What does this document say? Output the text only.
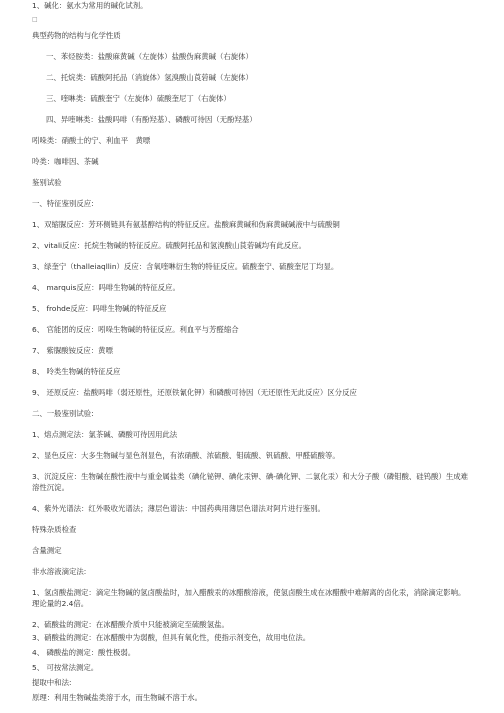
□
典型药物的结构与化学性质
一、苯烃胺类：盐酸麻黄碱（左旋体）盐酸伪麻黄碱（右旋体）
二、托烷类：硫酸阿托品（消旋体）氢溴酸山莨菪碱（左旋体）
三、喹啉类：硫酸奎宁（左旋体）硫酸奎尼丁（右旋体）
四、异喹啉类：盐酸吗啡（有酚羟基）、磷酸可待因（无酚羟基）
吲哚类：硝酸士的宁、利血平　黄嘌
呤类：咖啡因、茶碱
鉴别试验
一、特征鉴别反应:
1、双缩脲反应：芳环侧链具有氨基醇结构的特征反应。盐酸麻黄碱和伪麻黄碱碱液中与硫酸铜
2、vitali反应：托烷生物碱的特征反应。硫酸阿托品和氢溴酸山莨菪碱均有此反应。
3、绿奎宁（thalleiaqllin）反应：含氧喹啉衍生物的特征反应。硫酸奎宁、硫酸奎尼丁均显。
4、 marquis反应：吗啡生物碱的特征反应。
5、 frohde反应：吗啡生物碱的特征反应
6、 官能团的反应：吲哚生物碱的特征反应。利血平与芳醛缩合
7、 紫脲酸铵反应：黄嘌
8、 呤类生物碱的特征反应
9、 还原反应：盐酸吗啡（弱还原性，还原铁氰化钾）和磷酸可待因（无还原性无此反应）区分反应
二、一般鉴别试验:
1、熔点测定法：氯茶碱、磷酸可待因用此法
2、显色反应：大多生物碱与显色剂显色，有浓硝酸、浓硫酸、钼硫酸、钒硫酸、甲醛硫酸等。
3、沉淀反应：生物碱在酸性液中与重金属盐类（碘化铋钾、碘化汞钾、碘-碘化钾、二氯化汞）和大分子酸（磷钼酸、硅钨酸）生成难溶性沉淀。
4、紫外光谱法：红外吸收光谱法；薄层色谱法：中国药典用薄层色谱法对阿片进行鉴别。
特殊杂质检查
含量测定
非水溶液滴定法:
1、氢卤酸盐测定：滴定生物碱的氢卤酸盐时，加入醋酸汞的冰醋酸溶液，使氢卤酸生成在冰醋酸中难解离的卤化汞，消除滴定影响。理论量的2.4倍。
2、硫酸盐的测定：在冰醋酸介质中只能被滴定至硫酸氢盐。
3、硝酸盐的测定：在冰醋酸中为弱酸，但具有氧化性，使指示剂变色，故用电位法。
4、 磷酸盐的测定：酸性极弱。
5、 可按常法测定。
提取中和法:
原理：利用生物碱盐类溶于水，而生物碱不溶于水。
1、碱化：氨水为常用的碱化试剂。
